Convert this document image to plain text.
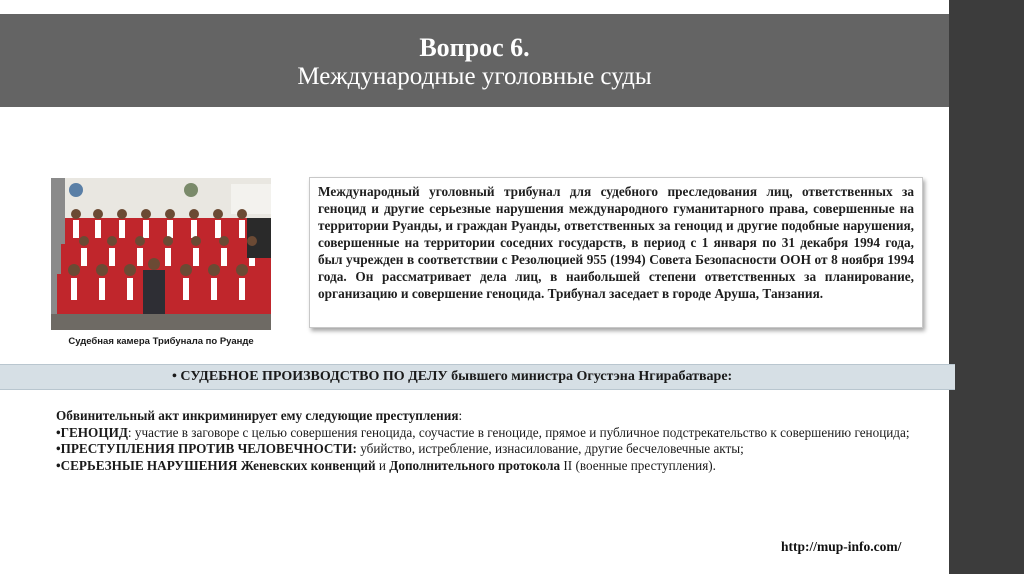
Вопрос 6.
Международные уголовные суды
Судебная камера Трибунала по Руанде
Международный уголовный трибунал для судебного преследования лиц, ответственных за геноцид и другие серьезные нарушения международного гуманитарного права, совершенные на территории Руанды, и граждан Руанды, ответственных за геноцид и другие подобные нарушения, совершенные на территории соседних государств, в период с 1 января по 31 декабря 1994 года, был учрежден в соответствии с Резолюцией 955 (1994) Совета Безопасности ООН от 8 ноября 1994 года. Он рассматривает дела лиц, в наибольшей степени ответственных за планирование, организацию и совершение геноцида. Трибунал заседает в городе Аруша, Танзания.
• СУДЕБНОЕ ПРОИЗВОДСТВО ПО ДЕЛУ бывшего министра Огустэна Нгирабатваре:

Обвинительный акт инкриминирует ему следующие преступления:

•ГЕНОЦИД: участие в заговоре с целью совершения геноцида, соучастие в геноциде, прямое и публичное подстрекательство к совершению геноцида;

•ПРЕСТУПЛЕНИЯ ПРОТИВ ЧЕЛОВЕЧНОСТИ: убийство, истребление, изнасилование, другие бесчеловечные акты;

•СЕРЬЕЗНЫЕ НАРУШЕНИЯ Женевских конвенций и Дополнительного протокола II (военные преступления).

http://mup-info.com/
